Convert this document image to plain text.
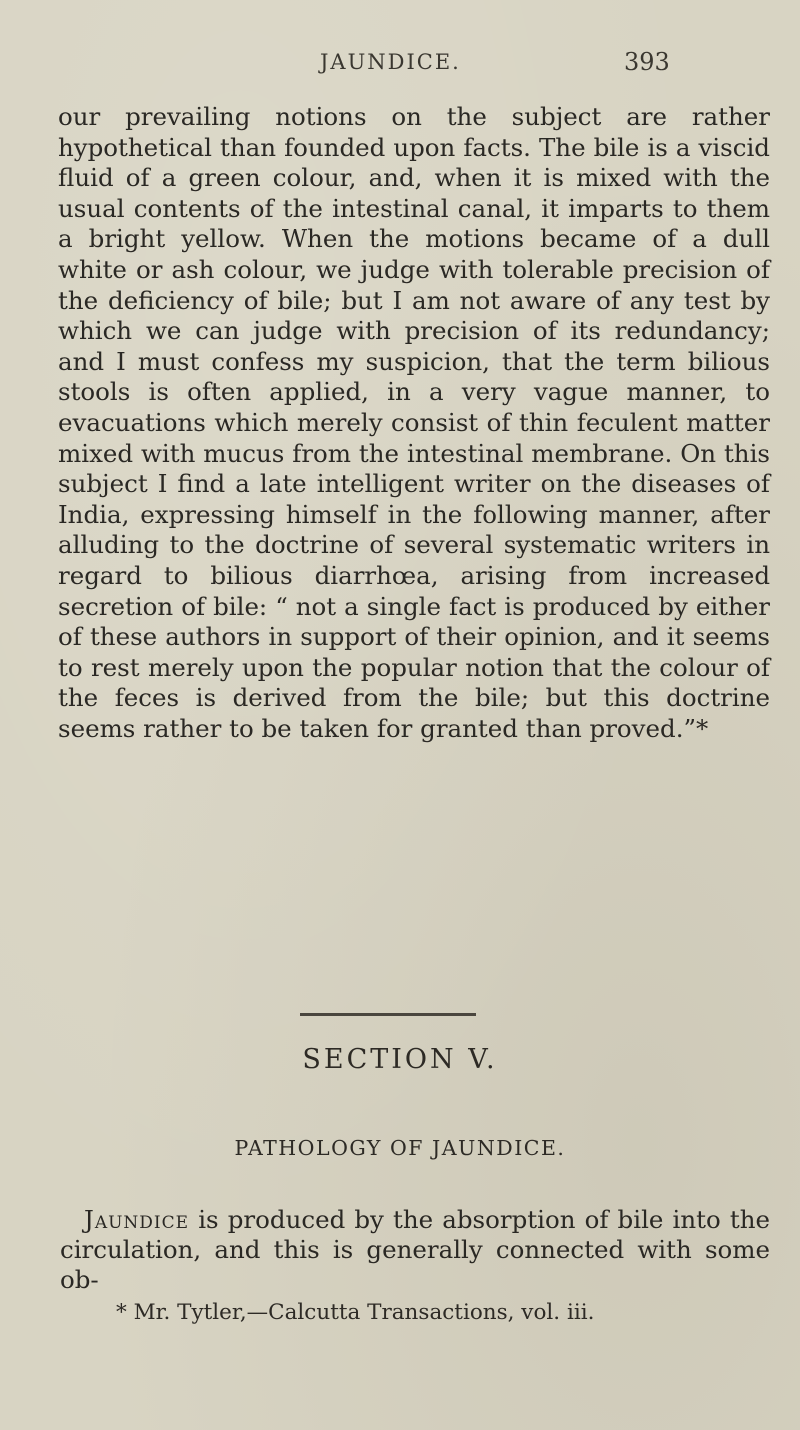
JAUNDICE.	393

our prevailing notions on the subject are rather hypothetical than founded upon facts. The bile is a viscid fluid of a green colour, and, when it is mixed with the usual contents of the intestinal canal, it imparts to them a bright yellow. When the motions became of a dull white or ash colour, we judge with tolerable precision of the deficiency of bile; but I am not aware of any test by which we can judge with precision of its redundancy; and I must confess my suspicion, that the term bilious stools is often applied, in a very vague manner, to evacuations which merely consist of thin feculent matter mixed with mucus from the intestinal membrane. On this subject I find a late intelligent writer on the diseases of India, expressing himself in the following manner, after alluding to the doctrine of several systematic writers in regard to bilious diarrhœa, arising from increased secretion of bile: “ not a single fact is produced by either of these authors in support of their opinion, and it seems to rest merely upon the popular notion that the colour of the feces is derived from the bile; but this doctrine seems rather to be taken for granted than proved.”*

SECTION V.
PATHOLOGY OF JAUNDICE.

Jaundice is produced by the absorption of bile into the circulation, and this is generally connected with some ob-

* Mr. Tytler,—Calcutta Transactions, vol. iii.
